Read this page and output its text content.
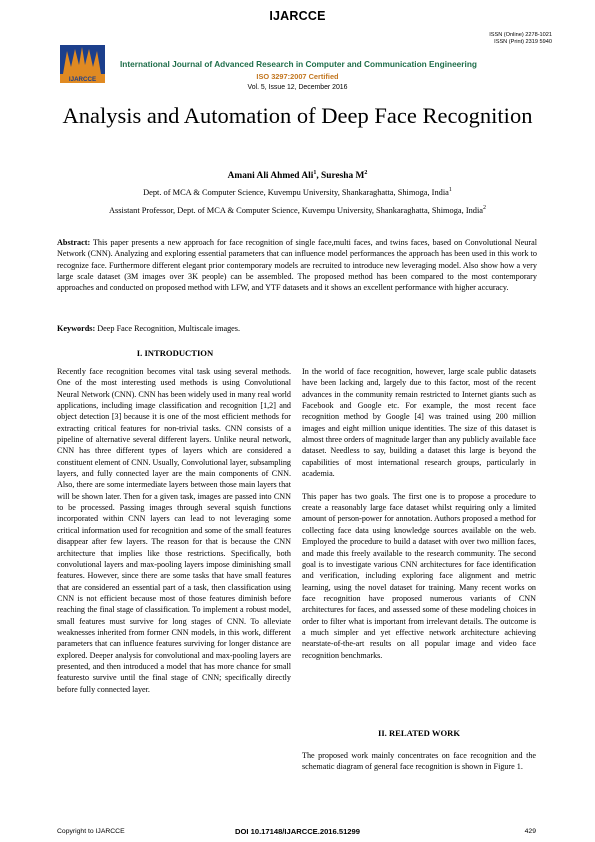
IJARCCE
IJARCCE
ISSN (Online) 2278-1021
ISSN (Print) 2319 5940
International Journal of Advanced Research in Computer and Communication Engineering
ISO 3297:2007 Certified
Vol. 5, Issue 12, December 2016
Analysis and Automation of Deep Face Recognition
Amani Ali Ahmed Ali$^1$, Suresha $M^2$
Dept. of MCA & Computer Science, Kuvempu University, Shankaraghatta, Shimoga, India$^1$
Assistant Professor, Dept. of MCA & Computer Science, Kuvempu University, Shankaraghatta, Shimoga, India$^2$
Abstract: This paper presents a new approach for face recognition of single face,multi faces, and twins faces, based on Convolutional Neural Network (CNN). Analyzing and exploring essential parameters that can influence model performances the approach has been used in this work to recognize face. Furthermore different elegant prior contemporary models are recruited to introduce new leveraging model. Also show how a very large scale dataset (3M images over 3K people) can be assembled. The proposed method has been compared to the most contemporary approaches and conducted on proposed method with LFW, and YTF datasets and it shows an excellent performance with higher accuracy.
Keywords: Deep Face Recognition, Multiscale images.
I. INTRODUCTION

Recently face recognition becomes vital task using several methods. One of the most interesting used methods is using Convolutional Neural Network (CNN). CNN has been widely used in many real world applications, including image classification and recognition [1,2] and object detection [3] because it is one of the most efficient methods for extracting critical features for non-trivial tasks. CNN consists of a pipeline of alternative several different layers. Unlike neural network, CNN has three different types of layers which are considered a constituent element of CNN. Usually, Convolutional layer, subsampling layers, and fully connected layer are the main components of CNN. Also, there are some intermediate layers between those main layers that will be shown later. Then for a given task, images are passed into CNN to be processed. Passing images through several squish functions incorporated within CNN layers can lead to not leveraging some critical information used for recognition and some of the small features disappear after few layers. The reason for that is because the CNN architecture that implies like those restrictions. Specifically, both convolutional layers and max-pooling layers impose diminishing small features. However, since there are some tasks that have small features that are considered an essential part of a task, then classification using CNN is not efficient because most of those features diminish before reaching the final stage of classification. To implement a robust model, small features must survive for long stages of CNN. To alleviate weaknesses inherited from former CNN models, in this work, different parameters that can influence features surviving for longer distance are explored. Deeper analysis for convolutional and max-pooling layers are presented, and then introduced a model that has more chance for small featuresto survive until the final stage of CNN; specifically directly before fully connected layer.

In the world of face recognition, however, large scale public datasets have been lacking and, largely due to this factor, most of the recent advances in the community remain restricted to Internet giants such as Facebook and Google etc. For example, the most recent face recognition method by Google [4] was trained using 200 million images and eight million unique identities. The size of this dataset is almost three orders of magnitude larger than any publicly available face dataset. Needless to say, building a dataset this large is beyond the capabilities of most international research groups, particularly in academia.

This paper has two goals. The first one is to propose a procedure to create a reasonably large face dataset whilst requiring only a limited amount of person-power for annotation. Authors proposed a method for collecting face data using knowledge sources available on the web. Employed the procedure to build a dataset with over two million faces, and made this freely available to the research community. The second goal is to investigate various CNN architectures for face identification and verification, including exploring face alignment and metric learning, using the novel dataset for training. Many recent works on face recognition have proposed numerous variants of CNN architectures for faces, and assessed some of these modeling choices in order to filter what is important from irrelevant details. The outcome is a much simpler and yet effective network architecture achieving nearstate-of-the-art results on all popular image and video face recognition benchmarks.

II. RELATED WORK
The proposed work mainly concentrates on face recognition and the schematic diagram of general face recognition is shown in Figure 1.
Copyright to IJARCCE	DOI 10.17148/IJARCCE.2016.51299	429
